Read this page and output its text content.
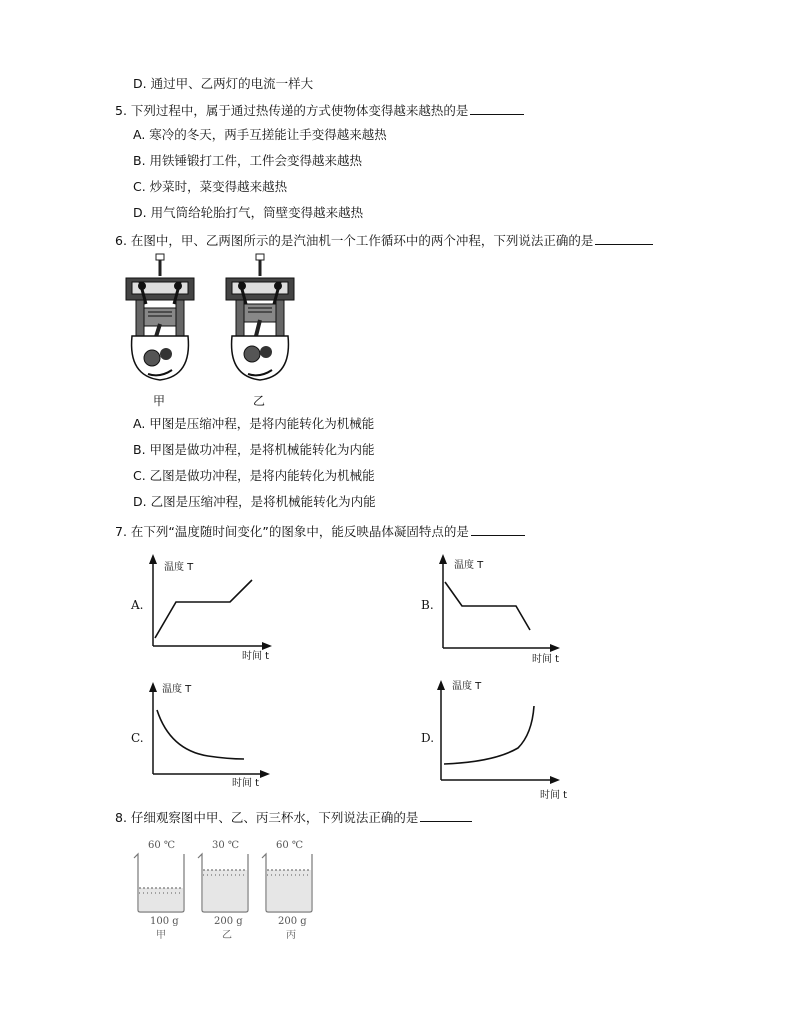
D. 通过甲、乙两灯的电流一样大
5. 下列过程中，属于通过热传递的方式使物体变得越来越热的是
A. 寒冷的冬天，两手互搓能让手变得越来越热
B. 用铁锤锻打工件，工件会变得越来越热
C. 炒菜时，菜变得越来越热
D. 用气筒给轮胎打气，筒壁变得越来越热
6. 在图中，甲、乙两图所示的是汽油机一个工作循环中的两个冲程，下列说法正确的是
甲	乙
A. 甲图是压缩冲程，是将内能转化为机械能
B. 甲图是做功冲程，是将机械能转化为内能
C. 乙图是做功冲程，是将内能转化为机械能
D. 乙图是压缩冲程，是将机械能转化为内能
7. 在下列“温度随时间变化”的图象中，能反映晶体凝固特点的是
A.
温度 T
时间 t
B.
温度 T
时间 t
C.
温度 T
时间 t
D.
温度 T
时间 t
8. 仔细观察图中甲、乙、丙三杯水，下列说法正确的是
60 ℃	30 ℃	60 ℃
100 g	200 g	200 g
甲	乙	丙
